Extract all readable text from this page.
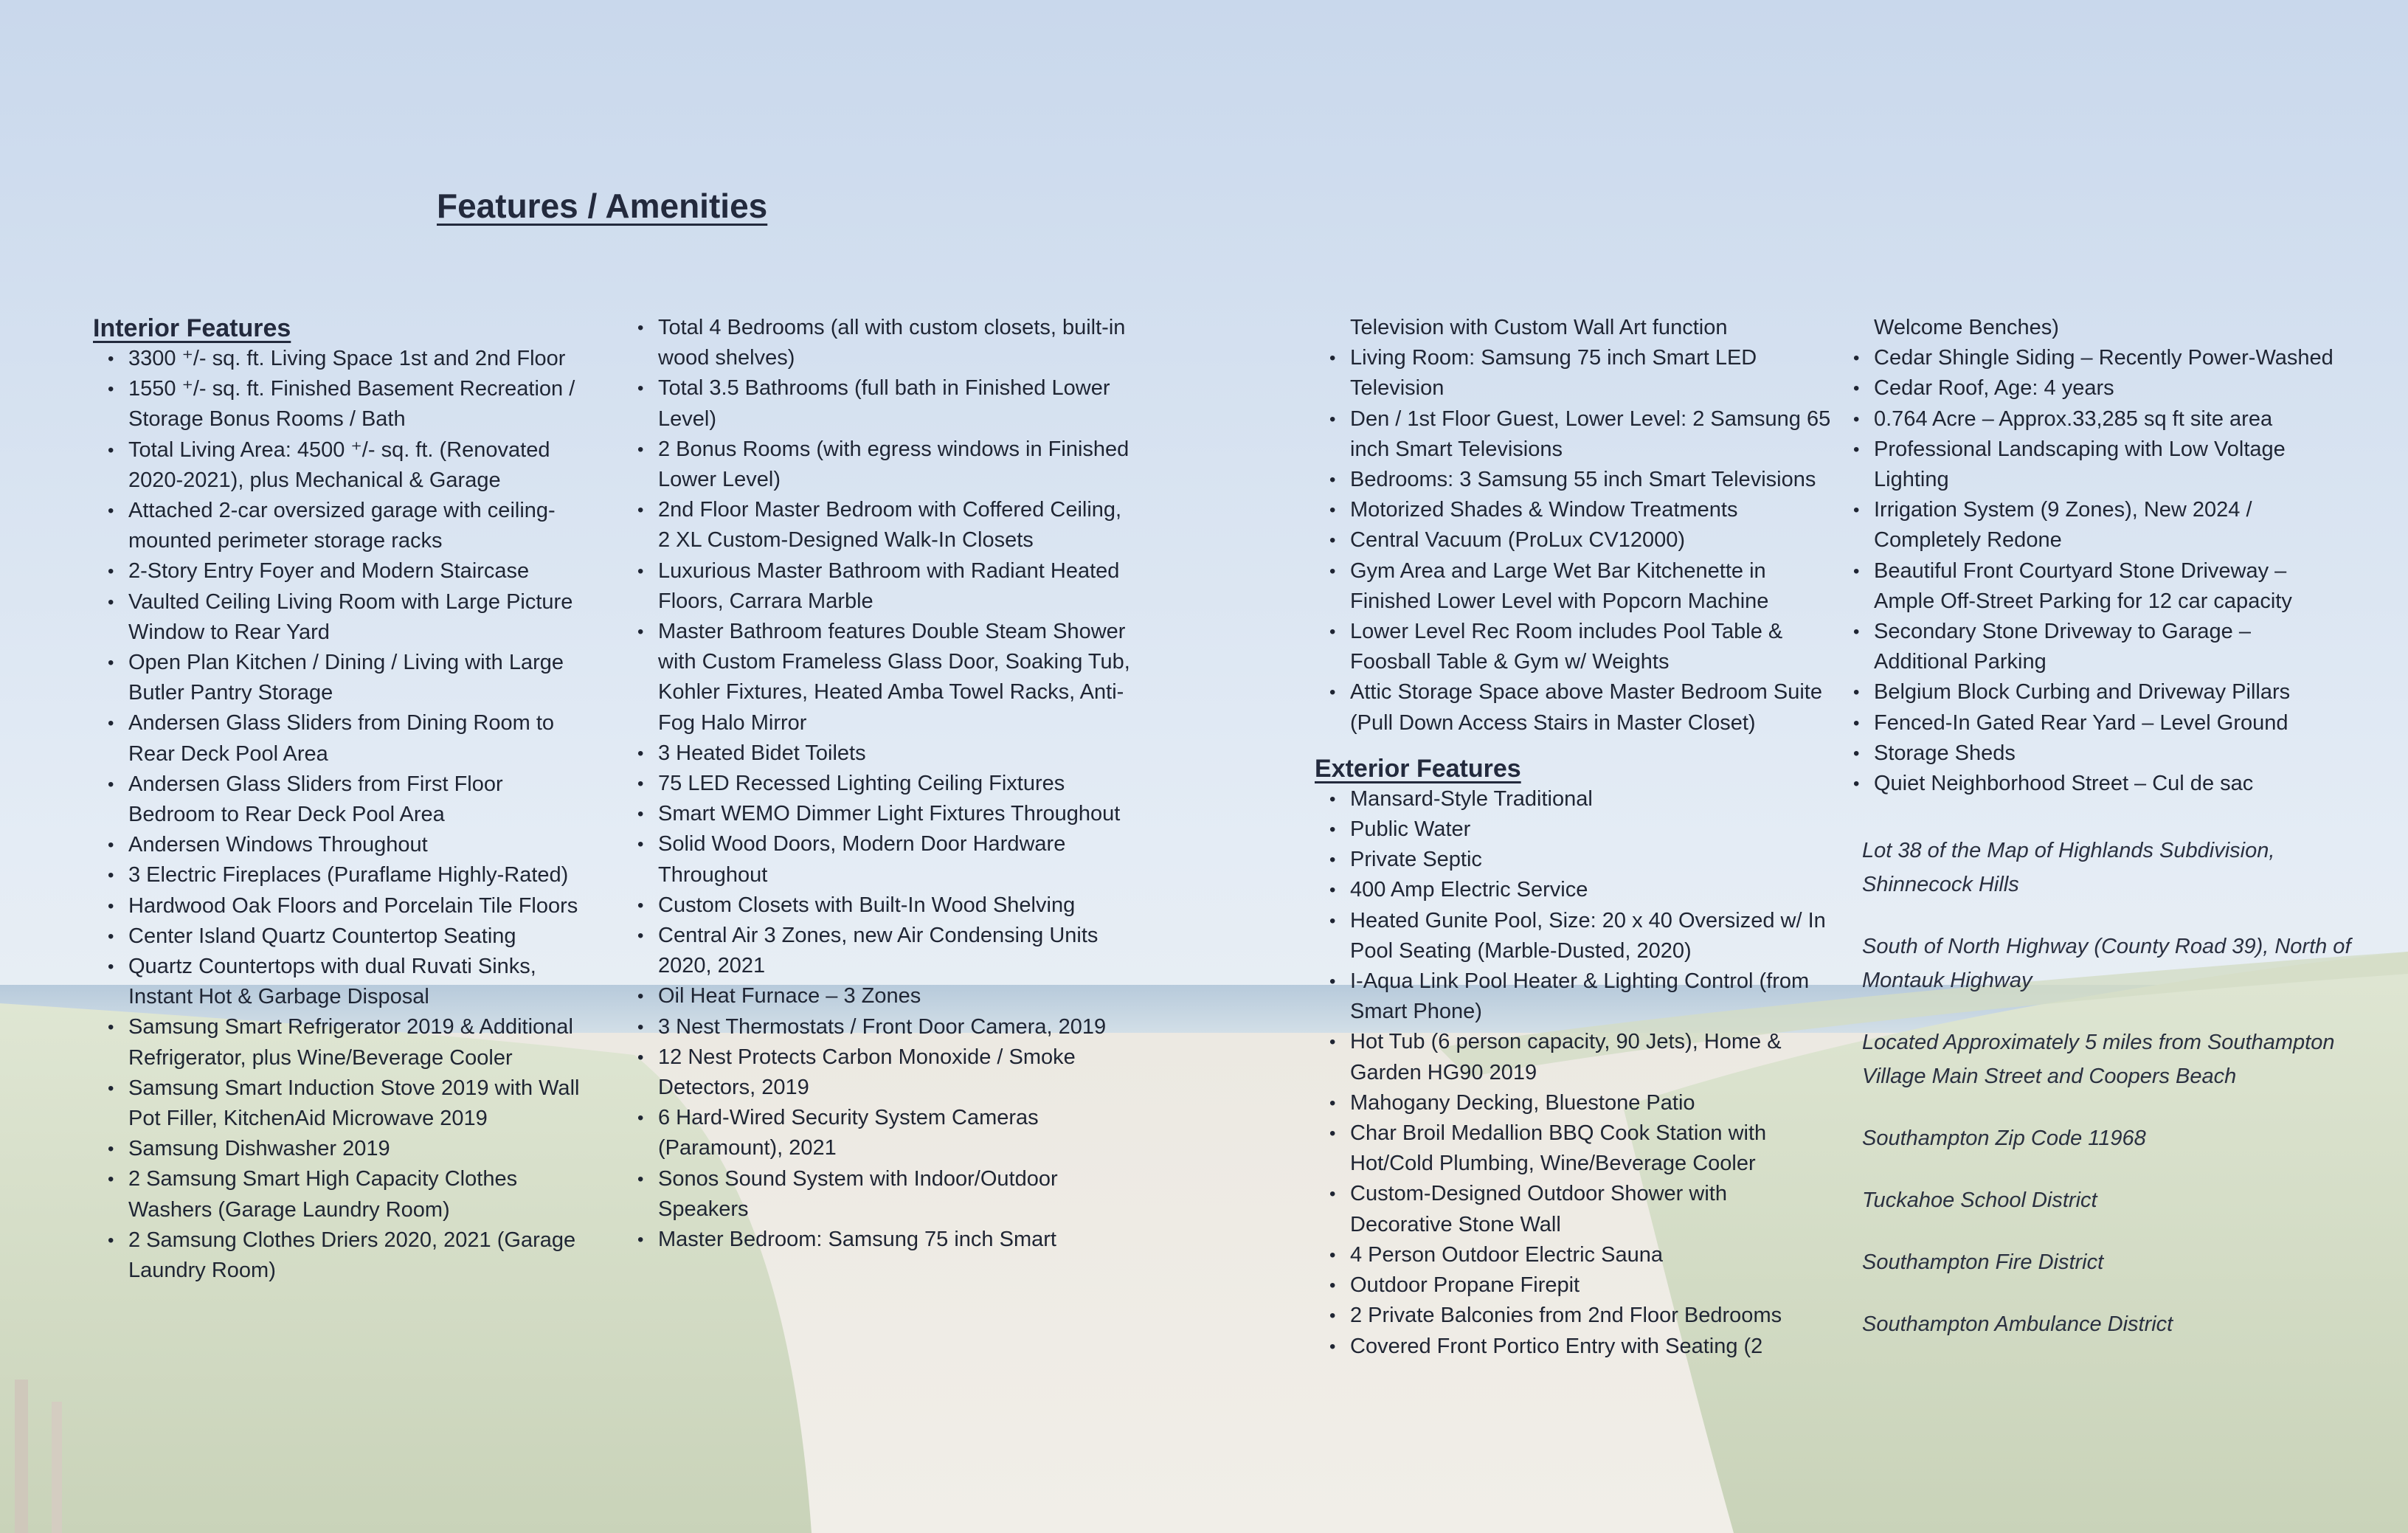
Features / Amenities
Interior Features
• 3300 ⁺/- sq. ft. Living Space 1st and 2nd Floor
• 1550 ⁺/- sq. ft. Finished Basement Recreation / Storage Bonus Rooms / Bath
• Total Living Area: 4500 ⁺/- sq. ft. (Renovated 2020-2021), plus Mechanical & Garage
• Attached 2-car oversized garage with ceiling-mounted perimeter storage racks
• 2-Story Entry Foyer and Modern Staircase
• Vaulted Ceiling Living Room with Large Picture Window to Rear Yard
• Open Plan Kitchen / Dining / Living with Large Butler Pantry Storage
• Andersen Glass Sliders from Dining Room to Rear Deck Pool Area
• Andersen Glass Sliders from First Floor Bedroom to Rear Deck Pool Area
• Andersen Windows Throughout
• 3 Electric Fireplaces (Puraflame Highly-Rated)
• Hardwood Oak Floors and Porcelain Tile Floors
• Center Island Quartz Countertop Seating
• Quartz Countertops with dual Ruvati Sinks, Instant Hot & Garbage Disposal
• Samsung Smart Refrigerator 2019 & Additional Refrigerator, plus Wine/Beverage Cooler
• Samsung Smart Induction Stove 2019 with Wall Pot Filler, KitchenAid Microwave 2019
• Samsung Dishwasher 2019
• 2 Samsung Smart High Capacity Clothes Washers (Garage Laundry Room)
• 2 Samsung Clothes Driers 2020, 2021 (Garage Laundry Room)
• Total 4 Bedrooms (all with custom closets, built-in wood shelves)
• Total 3.5 Bathrooms (full bath in Finished Lower Level)
• 2 Bonus Rooms (with egress windows in Finished Lower Level)
• 2nd Floor Master Bedroom with Coffered Ceiling, 2 XL Custom-Designed Walk-In Closets
• Luxurious Master Bathroom with Radiant Heated Floors, Carrara Marble
• Master Bathroom features Double Steam Shower with Custom Frameless Glass Door, Soaking Tub, Kohler Fixtures, Heated Amba Towel Racks, Anti-Fog Halo Mirror
• 3 Heated Bidet Toilets
• 75 LED Recessed Lighting Ceiling Fixtures
• Smart WEMO Dimmer Light Fixtures Throughout
• Solid Wood Doors, Modern Door Hardware Throughout
• Custom Closets with Built-In Wood Shelving
• Central Air 3 Zones, new Air Condensing Units 2020, 2021
• Oil Heat Furnace – 3 Zones
• 3 Nest Thermostats / Front Door Camera, 2019
• 12 Nest Protects Carbon Monoxide / Smoke Detectors, 2019
• 6 Hard-Wired Security System Cameras (Paramount), 2021
• Sonos Sound System with Indoor/Outdoor Speakers
• Master Bedroom: Samsung 75 inch Smart
Television with Custom Wall Art function
• Living Room: Samsung 75 inch Smart LED Television
• Den / 1st Floor Guest, Lower Level: 2 Samsung 65 inch Smart Televisions
• Bedrooms: 3 Samsung 55 inch Smart Televisions
• Motorized Shades & Window Treatments
• Central Vacuum (ProLux CV12000)
• Gym Area and Large Wet Bar Kitchenette in Finished Lower Level with Popcorn Machine
• Lower Level Rec Room includes Pool Table & Foosball Table & Gym w/ Weights
• Attic Storage Space above Master Bedroom Suite (Pull Down Access Stairs in Master Closet)
Exterior Features
• Mansard-Style Traditional
• Public Water
• Private Septic
• 400 Amp Electric Service
• Heated Gunite Pool, Size: 20 x 40 Oversized w/ In Pool Seating (Marble-Dusted, 2020)
• I-Aqua Link Pool Heater & Lighting Control (from Smart Phone)
• Hot Tub (6 person capacity, 90 Jets), Home & Garden HG90 2019
• Mahogany Decking, Bluestone Patio
• Char Broil Medallion BBQ Cook Station with Hot/Cold Plumbing, Wine/Beverage Cooler
• Custom-Designed Outdoor Shower with Decorative Stone Wall
• 4 Person Outdoor Electric Sauna
• Outdoor Propane Firepit
• 2 Private Balconies from 2nd Floor Bedrooms
• Covered Front Portico Entry with Seating (2
Welcome Benches)
• Cedar Shingle Siding – Recently Power-Washed
• Cedar Roof, Age: 4 years
• 0.764 Acre – Approx.33,285 sq ft site area
• Professional Landscaping with Low Voltage Lighting
• Irrigation System (9 Zones), New 2024 / Completely Redone
• Beautiful Front Courtyard Stone Driveway – Ample Off-Street Parking for 12 car capacity
• Secondary Stone Driveway to Garage – Additional Parking
• Belgium Block Curbing and Driveway Pillars
• Fenced-In Gated Rear Yard – Level Ground
• Storage Sheds
• Quiet Neighborhood Street – Cul de sac

Lot 38 of the Map of Highlands Subdivision, Shinnecock Hills

South of North Highway (County Road 39), North of Montauk Highway

Located Approximately 5 miles from Southampton Village Main Street and Coopers Beach

Southampton Zip Code 11968

Tuckahoe School District

Southampton Fire District

Southampton Ambulance District
